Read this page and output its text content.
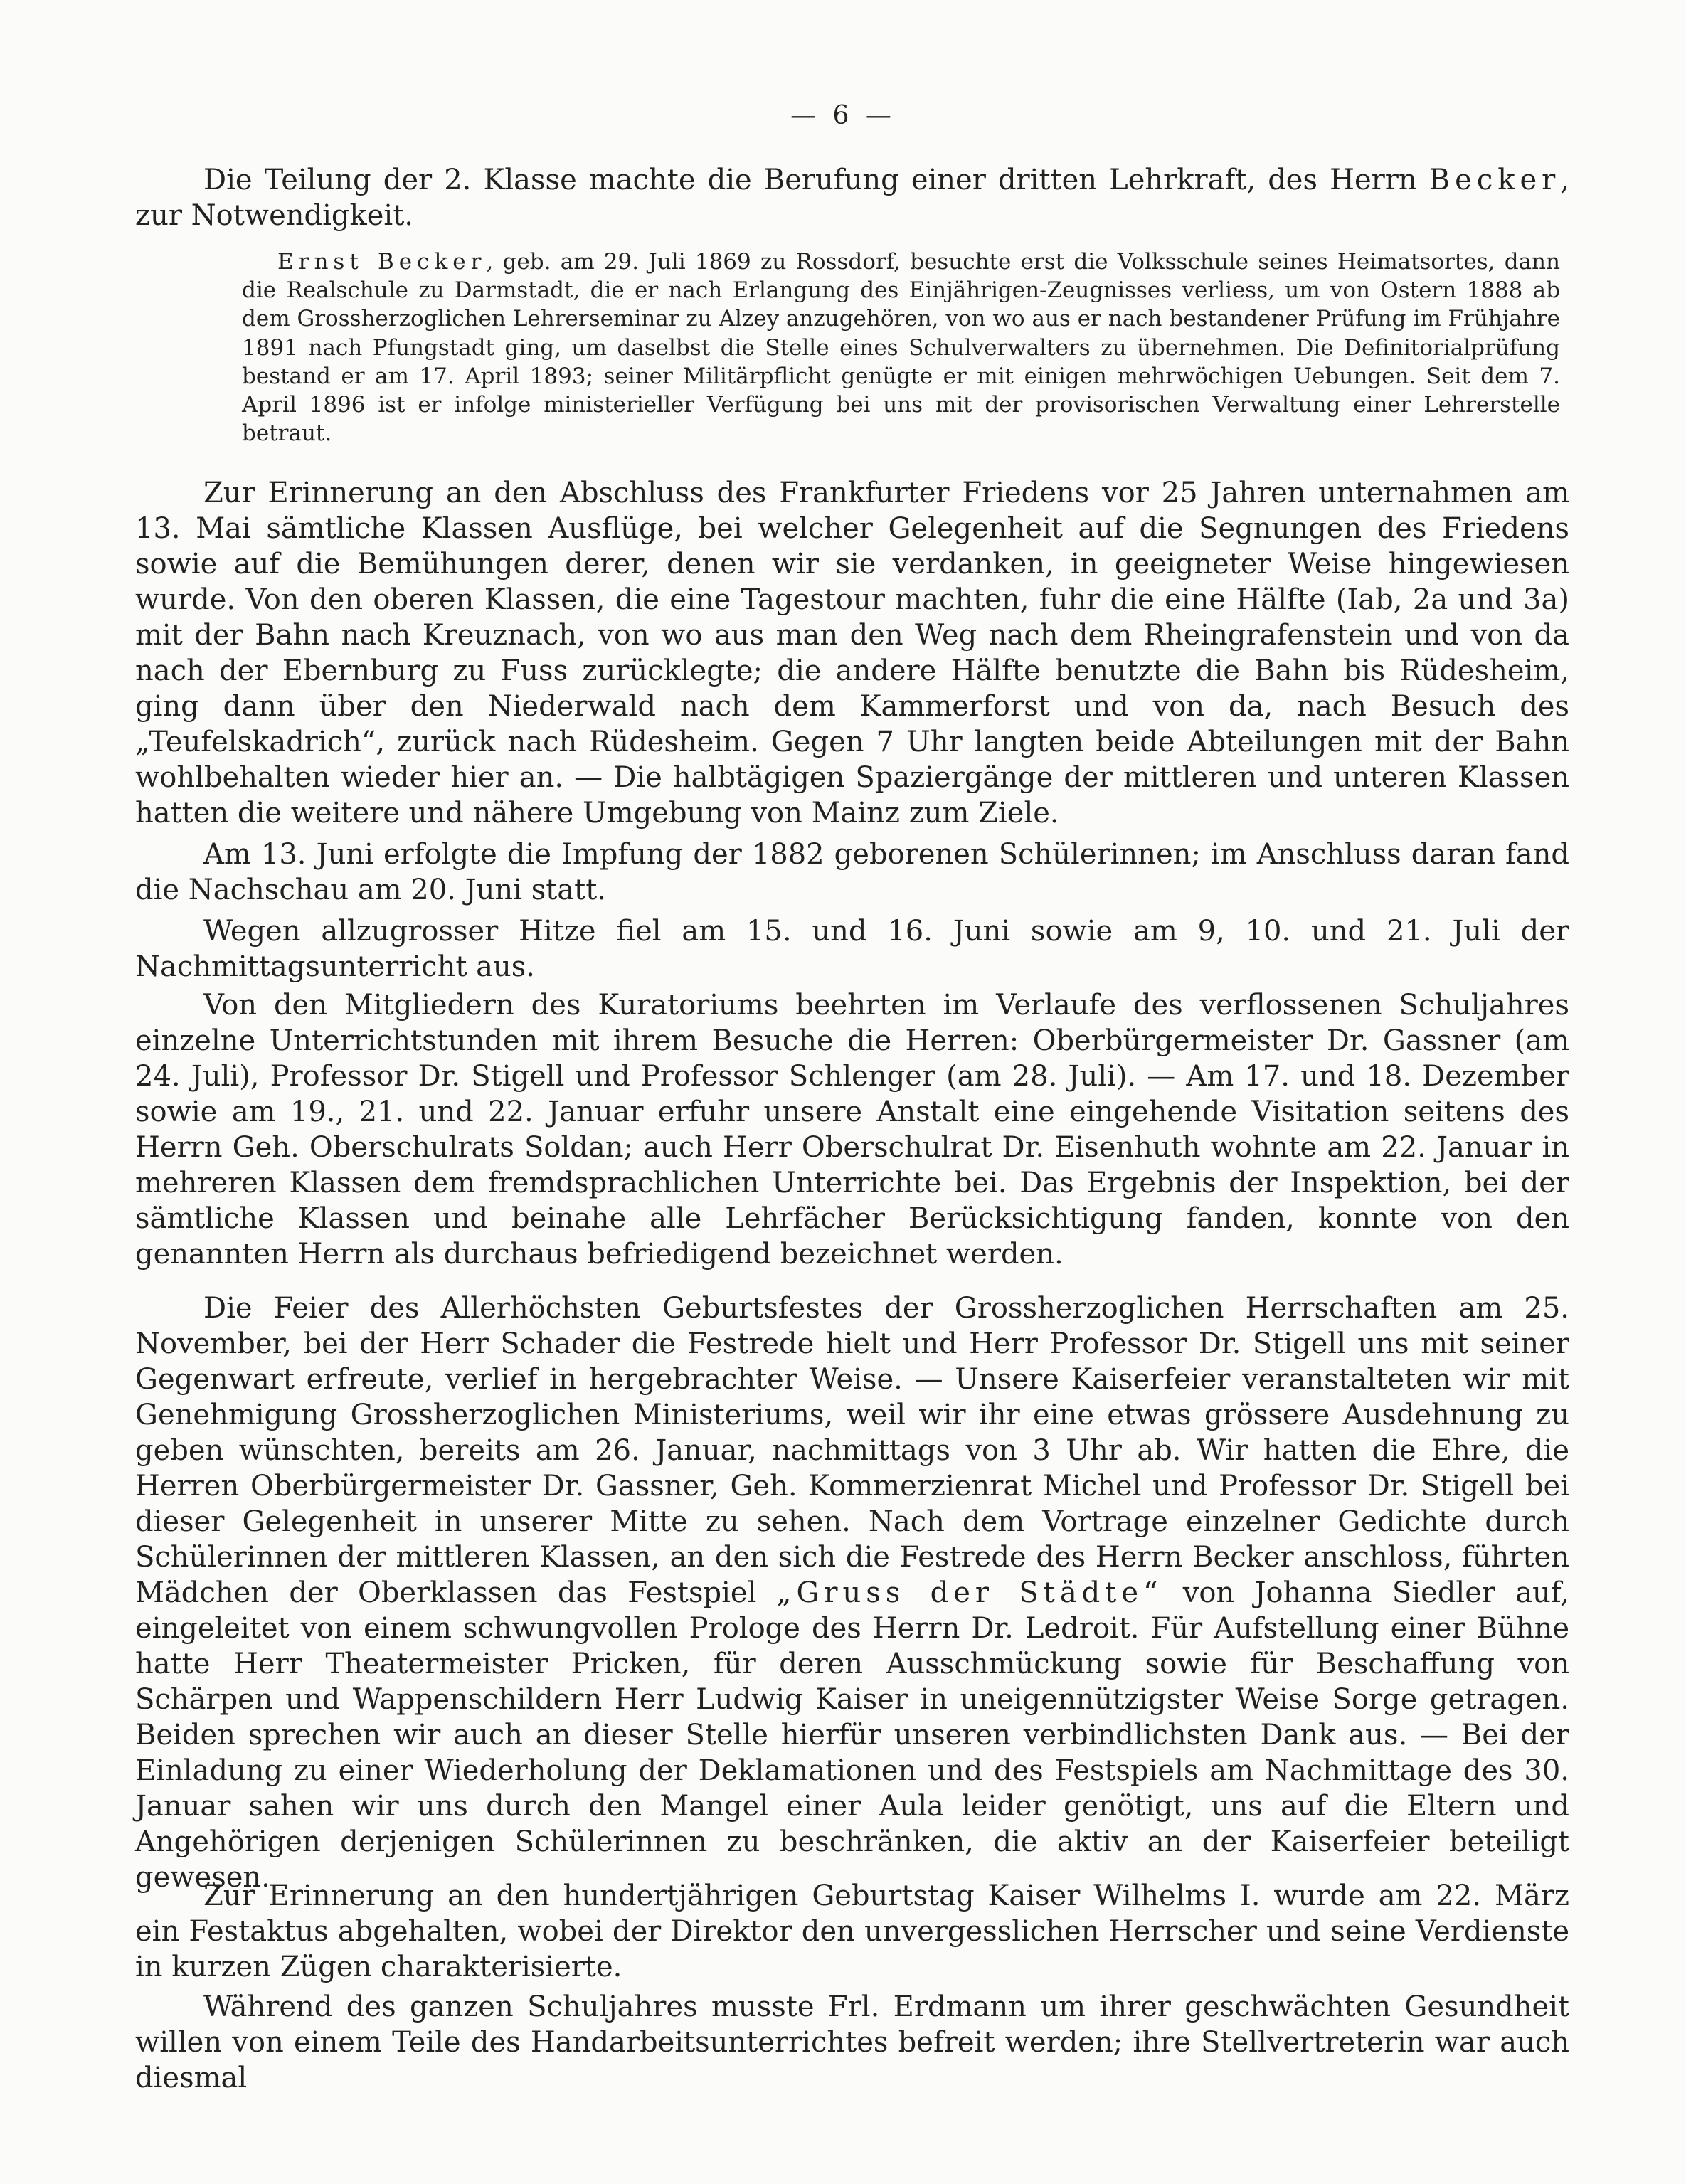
— 6 —

Die Teilung der 2. Klasse machte die Berufung einer dritten Lehrkraft, des Herrn Becker, zur Notwendigkeit.

Ernst Becker, geb. am 29. Juli 1869 zu Rossdorf, besuchte erst die Volksschule seines Heimatsortes, dann die Realschule zu Darmstadt, die er nach Erlangung des Einjährigen-Zeugnisses verliess, um von Ostern 1888 ab dem Grossherzoglichen Lehrerseminar zu Alzey anzugehören, von wo aus er nach bestandener Prüfung im Frühjahre 1891 nach Pfungstadt ging, um daselbst die Stelle eines Schulverwalters zu übernehmen. Die Definitorialprüfung bestand er am 17. April 1893; seiner Militärpflicht genügte er mit einigen mehrwöchigen Uebungen. Seit dem 7. April 1896 ist er infolge ministerieller Verfügung bei uns mit der provisorischen Verwaltung einer Lehrerstelle betraut.

Zur Erinnerung an den Abschluss des Frankfurter Friedens vor 25 Jahren unternahmen am 13. Mai sämtliche Klassen Ausflüge, bei welcher Gelegenheit auf die Segnungen des Friedens sowie auf die Bemühungen derer, denen wir sie verdanken, in geeigneter Weise hingewiesen wurde. Von den oberen Klassen, die eine Tagestour machten, fuhr die eine Hälfte (Iab, 2a und 3a) mit der Bahn nach Kreuznach, von wo aus man den Weg nach dem Rheingrafenstein und von da nach der Ebernburg zu Fuss zurücklegte; die andere Hälfte benutzte die Bahn bis Rüdesheim, ging dann über den Niederwald nach dem Kammerforst und von da, nach Besuch des „Teufelskadrich“, zurück nach Rüdesheim. Gegen 7 Uhr langten beide Abteilungen mit der Bahn wohlbehalten wieder hier an. — Die halbtägigen Spaziergänge der mittleren und unteren Klassen hatten die weitere und nähere Umgebung von Mainz zum Ziele.

Am 13. Juni erfolgte die Impfung der 1882 geborenen Schülerinnen; im Anschluss daran fand die Nachschau am 20. Juni statt.

Wegen allzugrosser Hitze fiel am 15. und 16. Juni sowie am 9, 10. und 21. Juli der Nachmittagsunterricht aus.

Von den Mitgliedern des Kuratoriums beehrten im Verlaufe des verflossenen Schuljahres einzelne Unterrichtstunden mit ihrem Besuche die Herren: Oberbürgermeister Dr. Gassner (am 24. Juli), Professor Dr. Stigell und Professor Schlenger (am 28. Juli). — Am 17. und 18. Dezember sowie am 19., 21. und 22. Januar erfuhr unsere Anstalt eine eingehende Visitation seitens des Herrn Geh. Oberschulrats Soldan; auch Herr Oberschulrat Dr. Eisenhuth wohnte am 22. Januar in mehreren Klassen dem fremdsprachlichen Unterrichte bei. Das Ergebnis der Inspektion, bei der sämtliche Klassen und beinahe alle Lehrfächer Berücksichtigung fanden, konnte von den genannten Herrn als durchaus befriedigend bezeichnet werden.

Die Feier des Allerhöchsten Geburtsfestes der Grossherzoglichen Herrschaften am 25. November, bei der Herr Schader die Festrede hielt und Herr Professor Dr. Stigell uns mit seiner Gegenwart erfreute, verlief in hergebrachter Weise. — Unsere Kaiserfeier veranstalteten wir mit Genehmigung Grossherzoglichen Ministeriums, weil wir ihr eine etwas grössere Ausdehnung zu geben wünschten, bereits am 26. Januar, nachmittags von 3 Uhr ab. Wir hatten die Ehre, die Herren Oberbürgermeister Dr. Gassner, Geh. Kommerzienrat Michel und Professor Dr. Stigell bei dieser Gelegenheit in unserer Mitte zu sehen. Nach dem Vortrage einzelner Gedichte durch Schülerinnen der mittleren Klassen, an den sich die Festrede des Herrn Becker anschloss, führten Mädchen der Oberklassen das Festspiel „Gruss der Städte“ von Johanna Siedler auf, eingeleitet von einem schwungvollen Prologe des Herrn Dr. Ledroit. Für Aufstellung einer Bühne hatte Herr Theatermeister Pricken, für deren Ausschmückung sowie für Beschaffung von Schärpen und Wappenschildern Herr Ludwig Kaiser in uneigennützigster Weise Sorge getragen. Beiden sprechen wir auch an dieser Stelle hierfür unseren verbindlichsten Dank aus. — Bei der Einladung zu einer Wiederholung der Deklamationen und des Festspiels am Nachmittage des 30. Januar sahen wir uns durch den Mangel einer Aula leider genötigt, uns auf die Eltern und Angehörigen derjenigen Schülerinnen zu beschränken, die aktiv an der Kaiserfeier beteiligt gewesen.

Zur Erinnerung an den hundertjährigen Geburtstag Kaiser Wilhelms I. wurde am 22. März ein Festaktus abgehalten, wobei der Direktor den unvergesslichen Herrscher und seine Verdienste in kurzen Zügen charakterisierte.

Während des ganzen Schuljahres musste Frl. Erdmann um ihrer geschwächten Gesundheit willen von einem Teile des Handarbeitsunterrichtes befreit werden; ihre Stellvertreterin war auch diesmal
